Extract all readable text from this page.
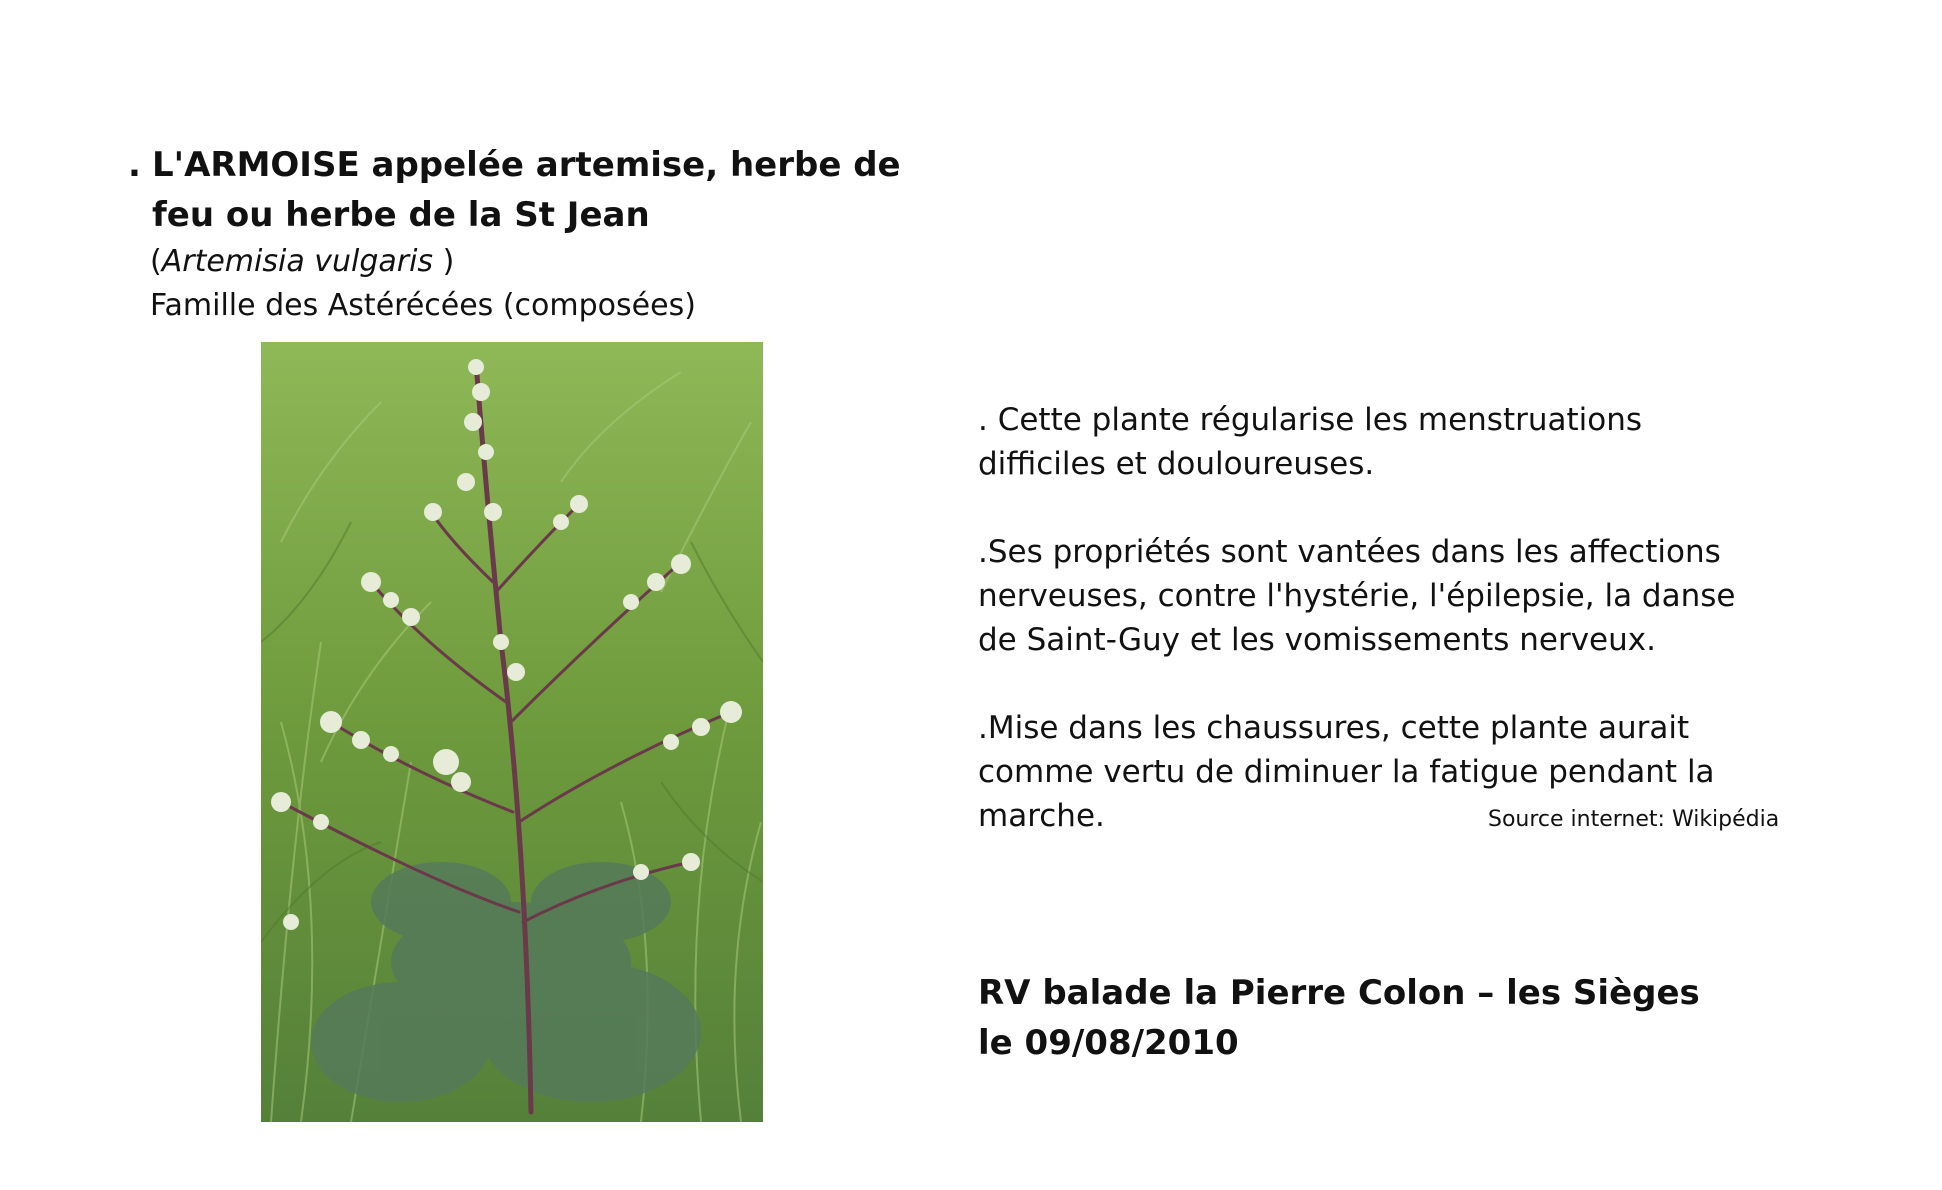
. L'ARMOISE appelée artemise, herbe de

feu ou herbe de la St Jean

(Artemisia vulgaris )

Famille des Astérécées (composées)

. Cette plante régularise les menstruations
difficiles et douloureuses.

.Ses propriétés sont vantées dans les affections
nerveuses, contre l'hystérie, l'épilepsie, la danse
de Saint-Guy et les vomissements nerveux.

.Mise dans les chaussures, cette plante aurait
comme vertu de diminuer la fatigue pendant la
marche.	Source internet: Wikipédia
RV balade la Pierre Colon – les Sièges
le 09/08/2010
